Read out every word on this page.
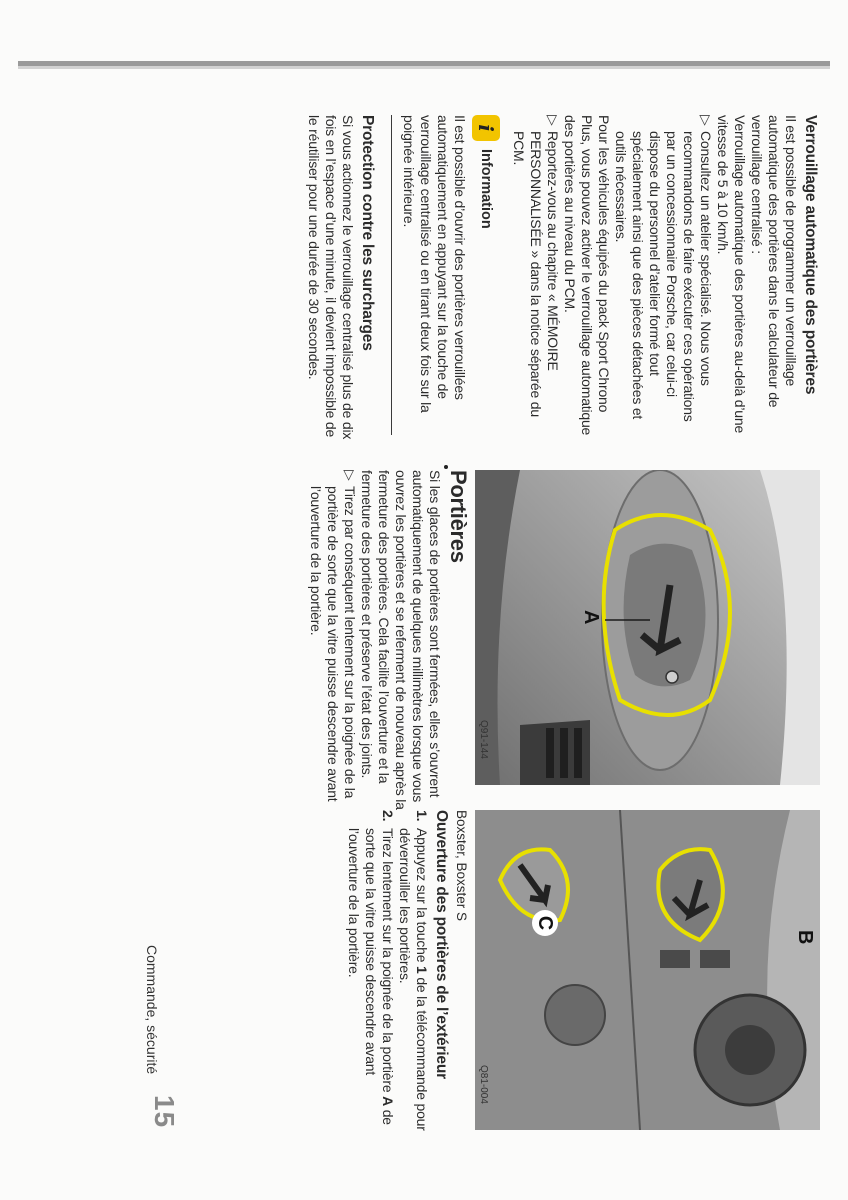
Verrouillage automatique des portières

Il est possible de programmer un verrouillage automatique des portières dans le calculateur de verrouillage centralisé :

Verrouillage automatique des portières au-delà d’une vitesse de 5 à 10 km/h.

▷
Consultez un atelier spécialisé. Nous vous recommandons de faire exécuter ces opérations par un concessionnaire Porsche, car celui-ci dispose du personnel d’atelier formé tout spécialement ainsi que des pièces détachées et outils nécessaires.

Pour les véhicules équipés du pack Sport Chrono Plus, vous pouvez activer le verrouillage automatique des portières au niveau du PCM.

▷
Reportez-vous au chapitre « MÉMOIRE PERSONNALISÉE » dans la notice séparée du PCM.
i
Information

Il est possible d’ouvrir des portières verrouillées automatiquement en appuyant sur la touche de verrouillage centralisé ou en tirant deux fois sur la poignée intérieure.

Protection contre les surcharges

Si vous actionnez le verrouillage centralisé plus de dix fois en l’espace d’une minute, il devient impossible de le réutiliser pour une durée de 30 secondes.

A
Q91-144
Portières

Si les glaces de portières sont fermées, elles s’ouvrent automatiquement de quelques millimètres lorsque vous ouvrez les portières et se referment de nouveau après la fermeture des portières. Cela facilite l’ouverture et la fermeture des portières et préserve l’état des joints.

▷
Tirez par conséquent lentement sur la poignée de la portière de sorte que la vitre puisse descendre avant l’ouverture de la portière.
B
C
Q81-004
Boxster, Boxster S
Ouverture des portières de l’extérieur
1.
Appuyez sur la touche 1 de la télécommande pour déverrouiller les portières.
2.
Tirez lentement sur la poignée de la portière A de sorte que la vitre puisse descendre avant l’ouverture de la portière.
Commande, sécurité
15
